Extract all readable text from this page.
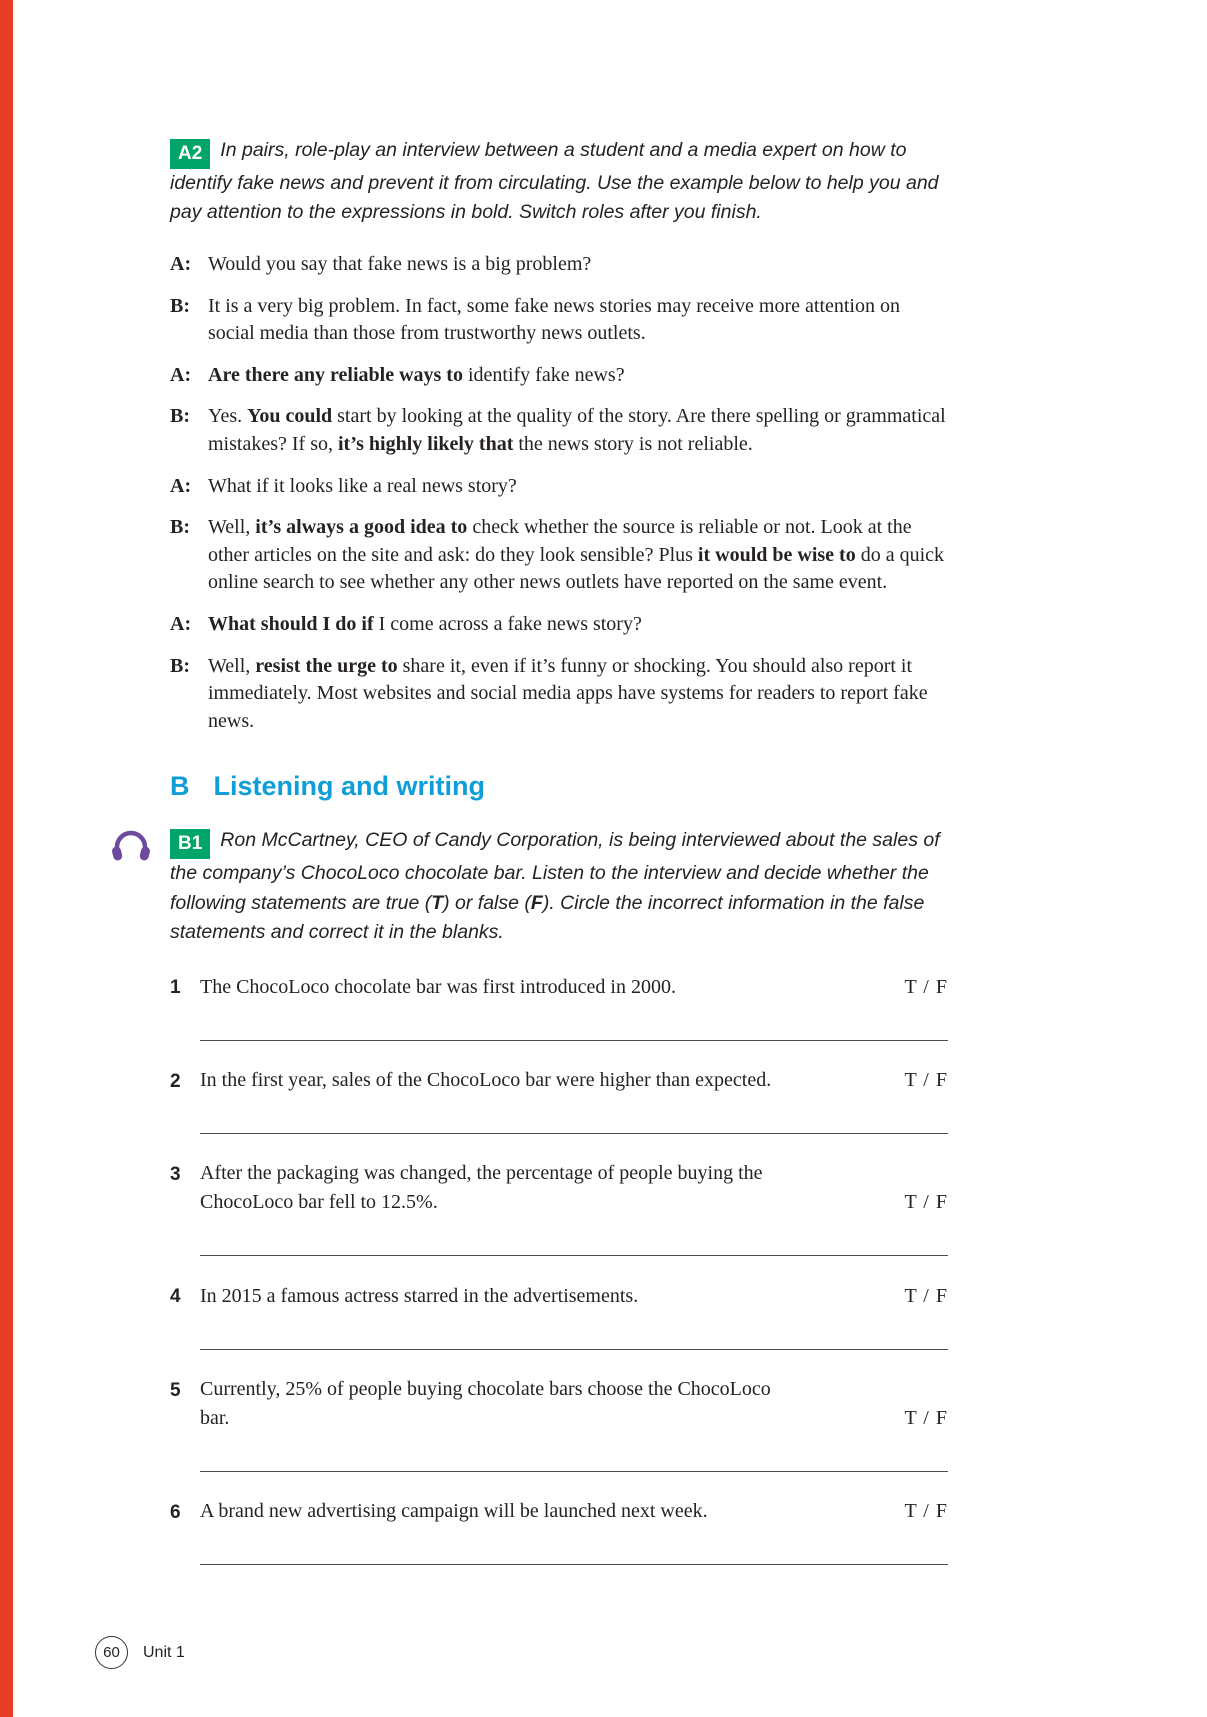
A2 In pairs, role-play an interview between a student and a media expert on how to identify fake news and prevent it from circulating. Use the example below to help you and pay attention to the expressions in bold. Switch roles after you finish.

A: Would you say that fake news is a big problem?
B: It is a very big problem. In fact, some fake news stories may receive more attention on social media than those from trustworthy news outlets.
A: Are there any reliable ways to identify fake news?
B: Yes. You could start by looking at the quality of the story. Are there spelling or grammatical mistakes? If so, it’s highly likely that the news story is not reliable.
A: What if it looks like a real news story?
B: Well, it’s always a good idea to check whether the source is reliable or not. Look at the other articles on the site and ask: do they look sensible? Plus it would be wise to do a quick online search to see whether any other news outlets have reported on the same event.
A: What should I do if I come across a fake news story?
B: Well, resist the urge to share it, even if it’s funny or shocking. You should also report it immediately. Most websites and social media apps have systems for readers to report fake news.
B Listening and writing

B1 Ron McCartney, CEO of Candy Corporation, is being interviewed about the sales of the company’s ChocoLoco chocolate bar. Listen to the interview and decide whether the following statements are true (T) or false (F). Circle the incorrect information in the false statements and correct it in the blanks.

1 The ChocoLoco chocolate bar was first introduced in 2000.	T / F
2 In the first year, sales of the ChocoLoco bar were higher than expected.	T / F
3 After the packaging was changed, the percentage of people buying the
ChocoLoco bar fell to 12.5%.	T / F
4 In 2015 a famous actress starred in the advertisements.	T / F
5 Currently, 25% of people buying chocolate bars choose the ChocoLoco
bar.	T / F
6 A brand new advertising campaign will be launched next week.	T / F
60	Unit 1
